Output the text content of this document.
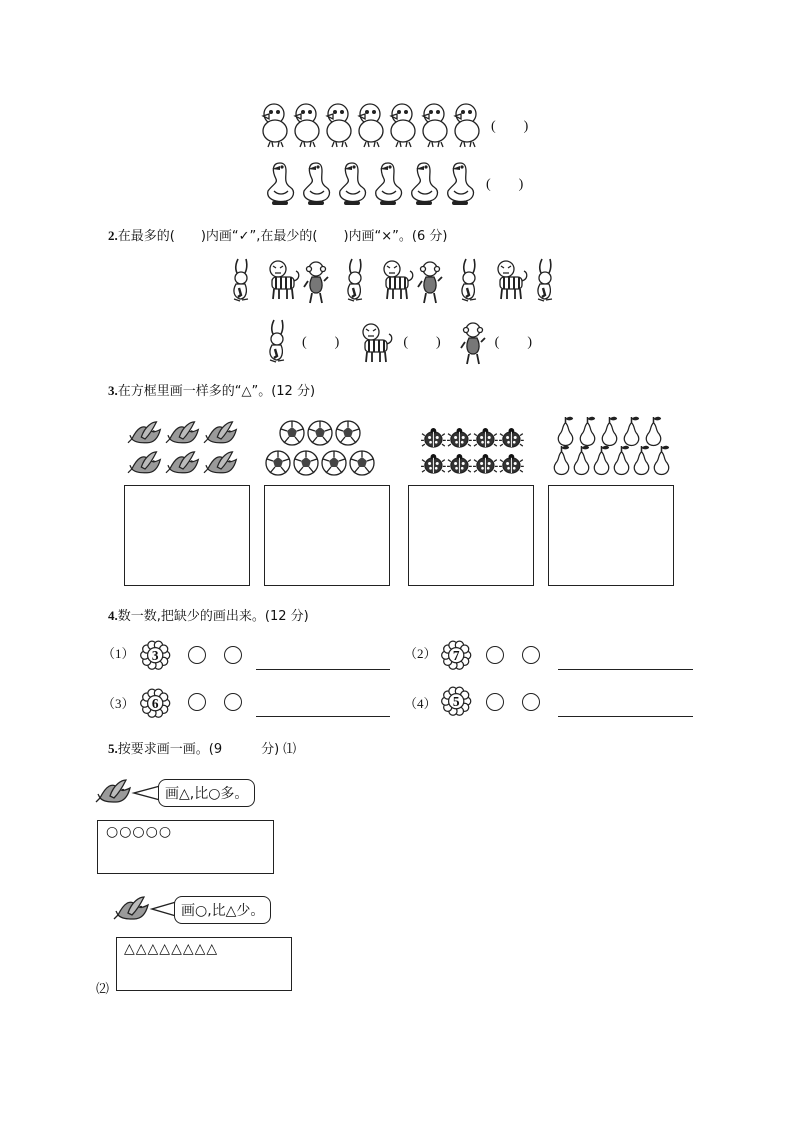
(　　)
(　　)
2.在最多的(　　)内画“✓”,在最少的(　　)内画“×”。(6 分)
(　　)	(　　)	(　　)
3.在方框里画一样多的“△”。(12 分)
4.数一数,把缺少的画出来。(12 分)
（1） 3	（2） 7
（3） 6	（4） 5
5.按要求画一画。(9　　　分) ⑴
画△,比○多。
○○○○○
画○,比△少。
△△△△△△△△
⑵
